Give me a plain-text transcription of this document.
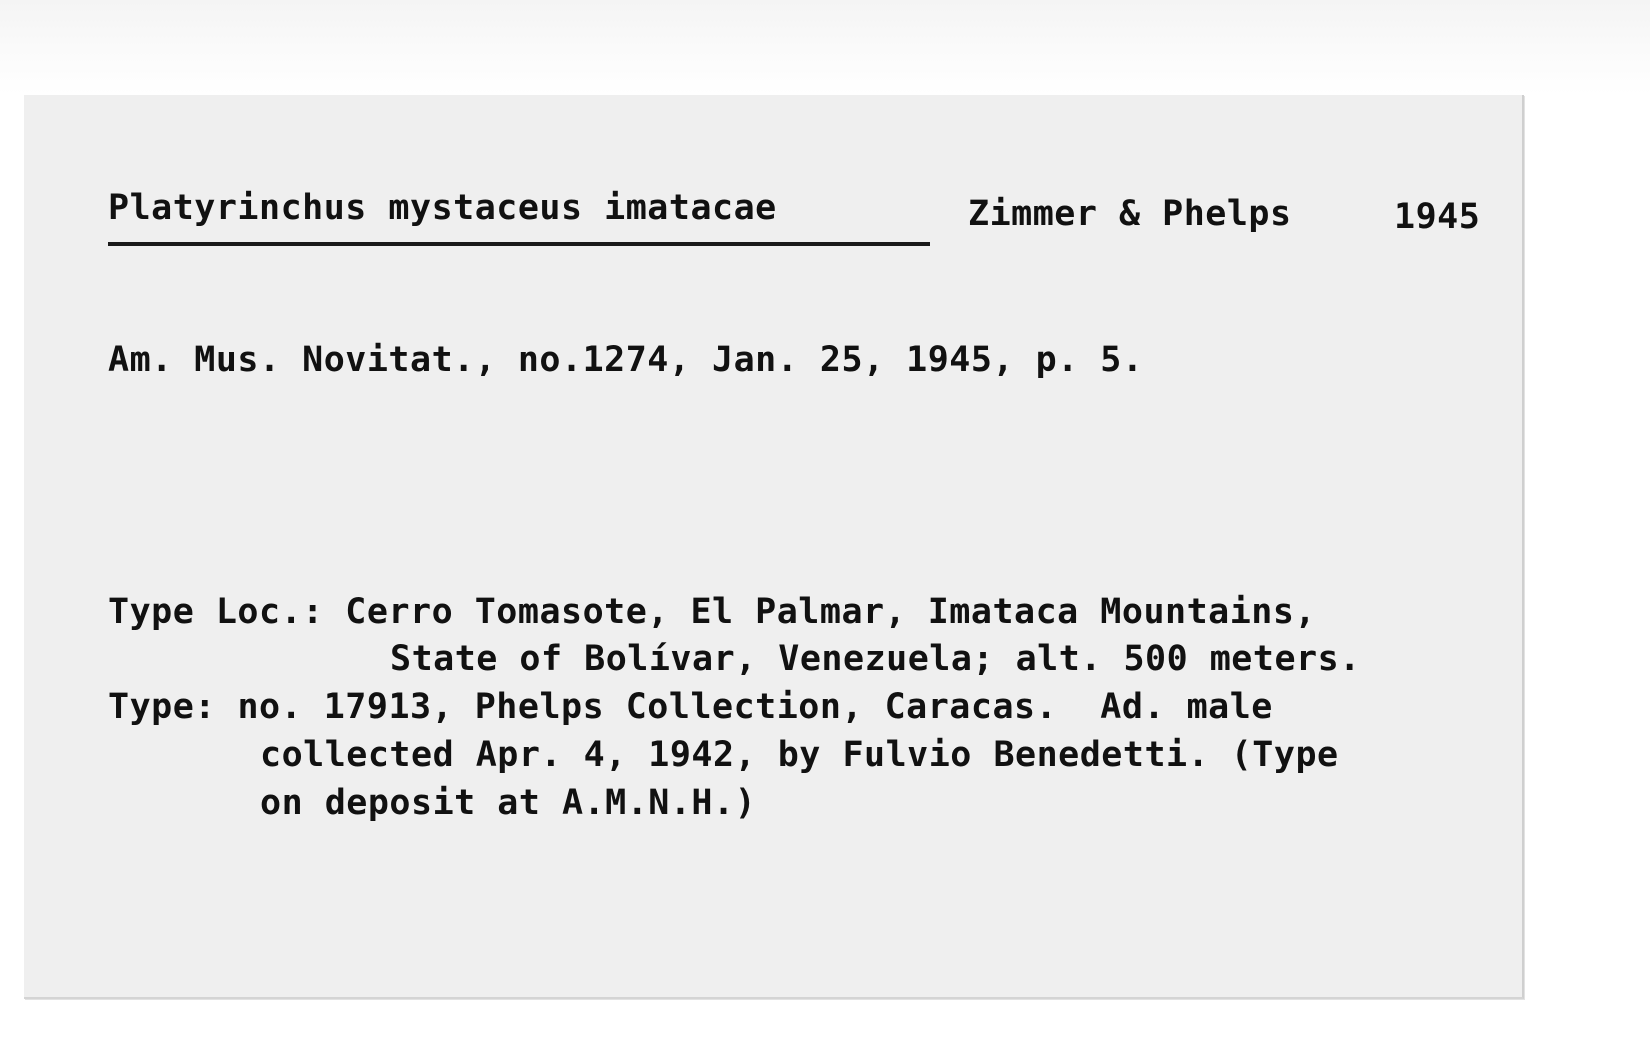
Platyrinchus mystaceus imatacae	Zimmer & Phelps	1945
Am. Mus. Novitat., no.1274, Jan. 25, 1945, p. 5.
Type Loc.: Cerro Tomasote, El Palmar, Imataca Mountains,
State of Bolívar, Venezuela; alt. 500 meters.
Type: no. 17913, Phelps Collection, Caracas.  Ad. male
collected Apr. 4, 1942, by Fulvio Benedetti. (Type
on deposit at A.M.N.H.)
